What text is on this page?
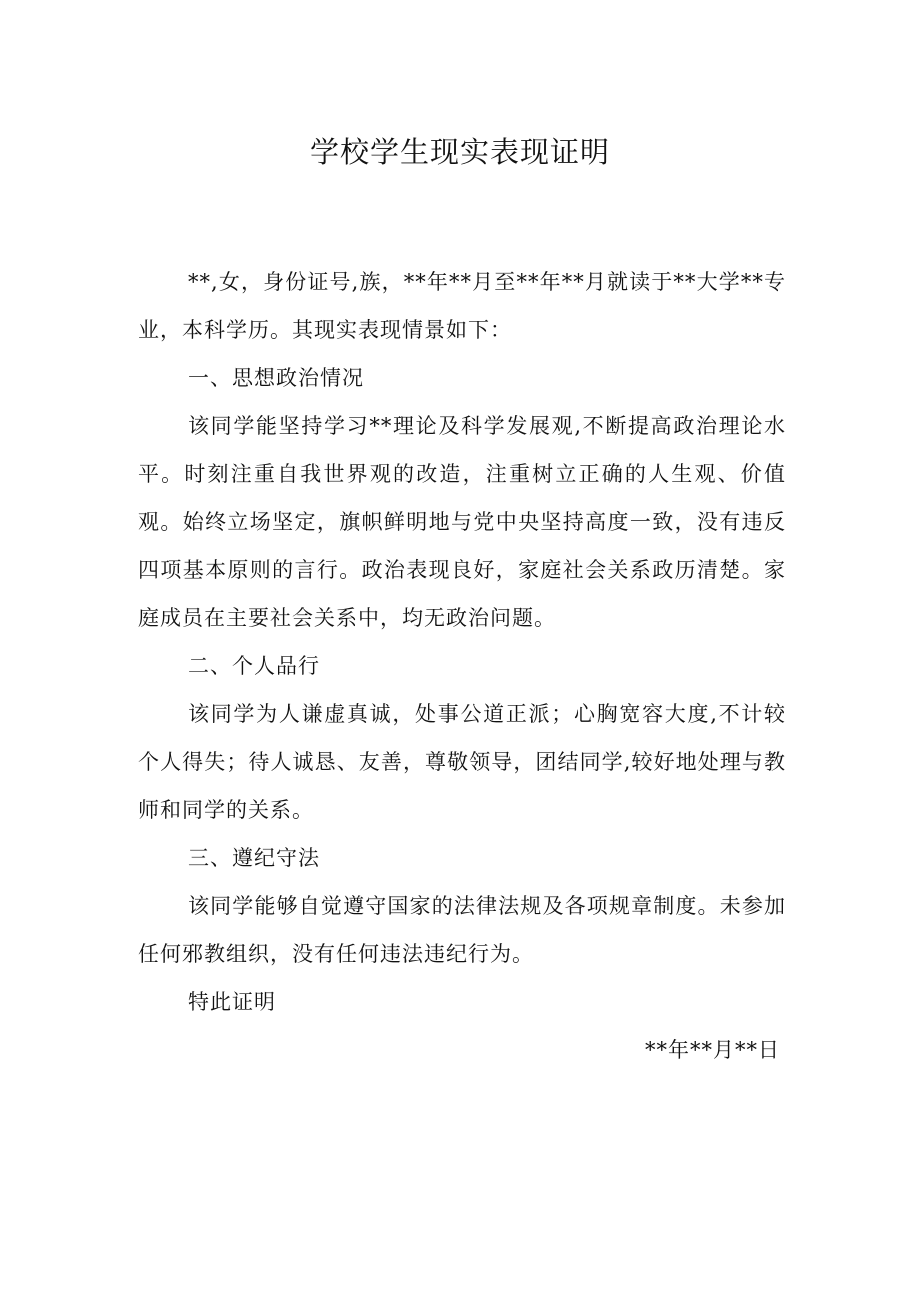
学校学生现实表现证明

**,女，身份证号,族，**年**月至**年**月就读于**大学**专业，本科学历。其现实表现情景如下：

一、思想政治情况

该同学能坚持学习**理论及科学发展观,不断提高政治理论水平。时刻注重自我世界观的改造，注重树立正确的人生观、价值观。始终立场坚定，旗帜鲜明地与党中央坚持高度一致，没有违反四项基本原则的言行。政治表现良好，家庭社会关系政历清楚。家庭成员在主要社会关系中，均无政治问题。

二、个人品行

该同学为人谦虚真诚，处事公道正派；心胸宽容大度,不计较个人得失；待人诚恳、友善，尊敬领导，团结同学,较好地处理与教师和同学的关系。

三、遵纪守法

该同学能够自觉遵守国家的法律法规及各项规章制度。未参加任何邪教组织，没有任何违法违纪行为。

特此证明

**年**月**日
